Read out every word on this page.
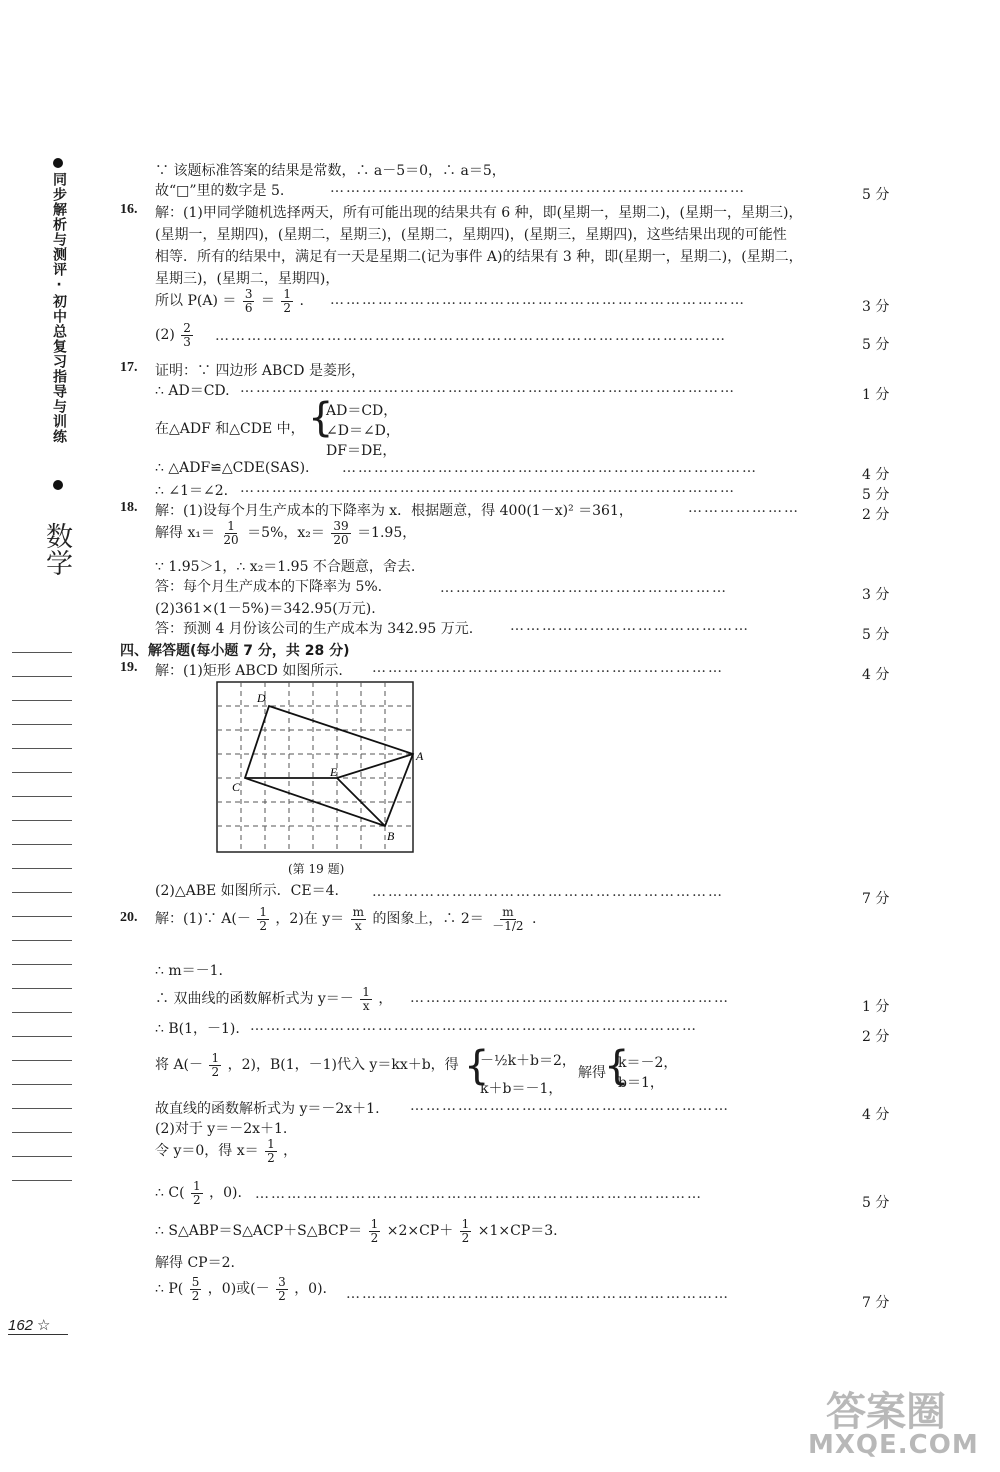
同步解析与测评·初中总复习指导与训练
数学
∵ 该题标准答案的结果是常数，∴ a－5＝0，∴ a＝5，
故“□”里的数字是 5.	……………………………………………………………………	5 分
16. 解：(1)甲同学随机选择两天，所有可能出现的结果共有 6 种，即(星期一，星期二)，(星期一，星期三)，
(星期一，星期四)，(星期二，星期三)，(星期二，星期四)，(星期三，星期四)，这些结果出现的可能性
相等．所有的结果中，满足有一天是星期二(记为事件 A)的结果有 3 种，即(星期一，星期二)，(星期二，
星期三)，(星期二，星期四)，
所以 $P(A) = \frac{3}{6} = \frac{1}{2}$ . ……………………………………………………………………	3 分
$(2) \frac{2}{3}$ ……………………………………………………………………………………
5 分
17. 证明：∵ 四边形 ABCD 是菱形，
∴ AD＝CD. …………………………………………………………………………………	1 分
在△ADF 和△CDE 中， {
AD＝CD，
∠D＝∠D，
DF＝DE，
∴ △ADF≌△CDE(SAS). ……………………………………………………………………	4 分
∴ ∠1＝∠2. …………………………………………………………………………………	5 分
18. 解：(1)设每个月生产成本的下降率为 x．根据题意，得 400(1－x)² ＝361，	…………………	2 分
解得 $x_1= \frac{1}{20} =5\%$，$x_2= \frac{39}{20} =1.95$，
∵ 1.95＞1，∴ x₂＝1.95 不合题意，舍去.
答：每个月生产成本的下降率为 5%.	………………………………………………	3 分
(2)361×(1－5%)＝342.95(万元).
答：预测 4 月份该公司的生产成本为 342.95 万元.	………………………………………
5 分
四、解答题(每小题 7 分，共 28 分)
19. 解：(1)矩形 ABCD 如图所示. …………………………………………………………	4 分
D
A
B
C
E
(第 19 题)
(2)△ABE 如图所示．CE＝4. …………………………………………………………	7 分
20. 解：(1)∵ $A(- \frac{1}{2}$ ，2)在 $y= \frac{m}{x}$ 的图象上，∴ $2= \frac{m}{-1/2}$ .
∴ m＝－1.
∴ 双曲线的函数解析式为 $y=- \frac{1}{x}$ ， ……………………………………………………
1 分
∴ B(1，－1). …………………………………………………………………………
2 分
将 $A(- \frac{1}{2}$ ，2)，B(1，－1)代入 y＝kx＋b，得 {
－½k＋b＝2，
k＋b＝－1，
解得
{
k＝－2，
b＝1，
故直线的函数解析式为 y＝－2x＋1. ……………………………………………………
4 分
(2)对于 y＝－2x＋1.
令 y＝0，得 $x= \frac{1}{2}$ ，
∴ $C( \frac{1}{2}$ ，0). …………………………………………………………………………
5 分
∴ S△ABP＝S△ACP＋S△BCP＝ $\frac{1}{2} \times 2\times CP+ \frac{1}{2} \times 1\times CP=3$.
解得 CP＝2.
∴ $P( \frac{5}{2}$ ，0)或(－ $\frac{3}{2}$ ，0). ………………………………………………………………
7 分
162 ☆
答案圈
MXQE.COM
